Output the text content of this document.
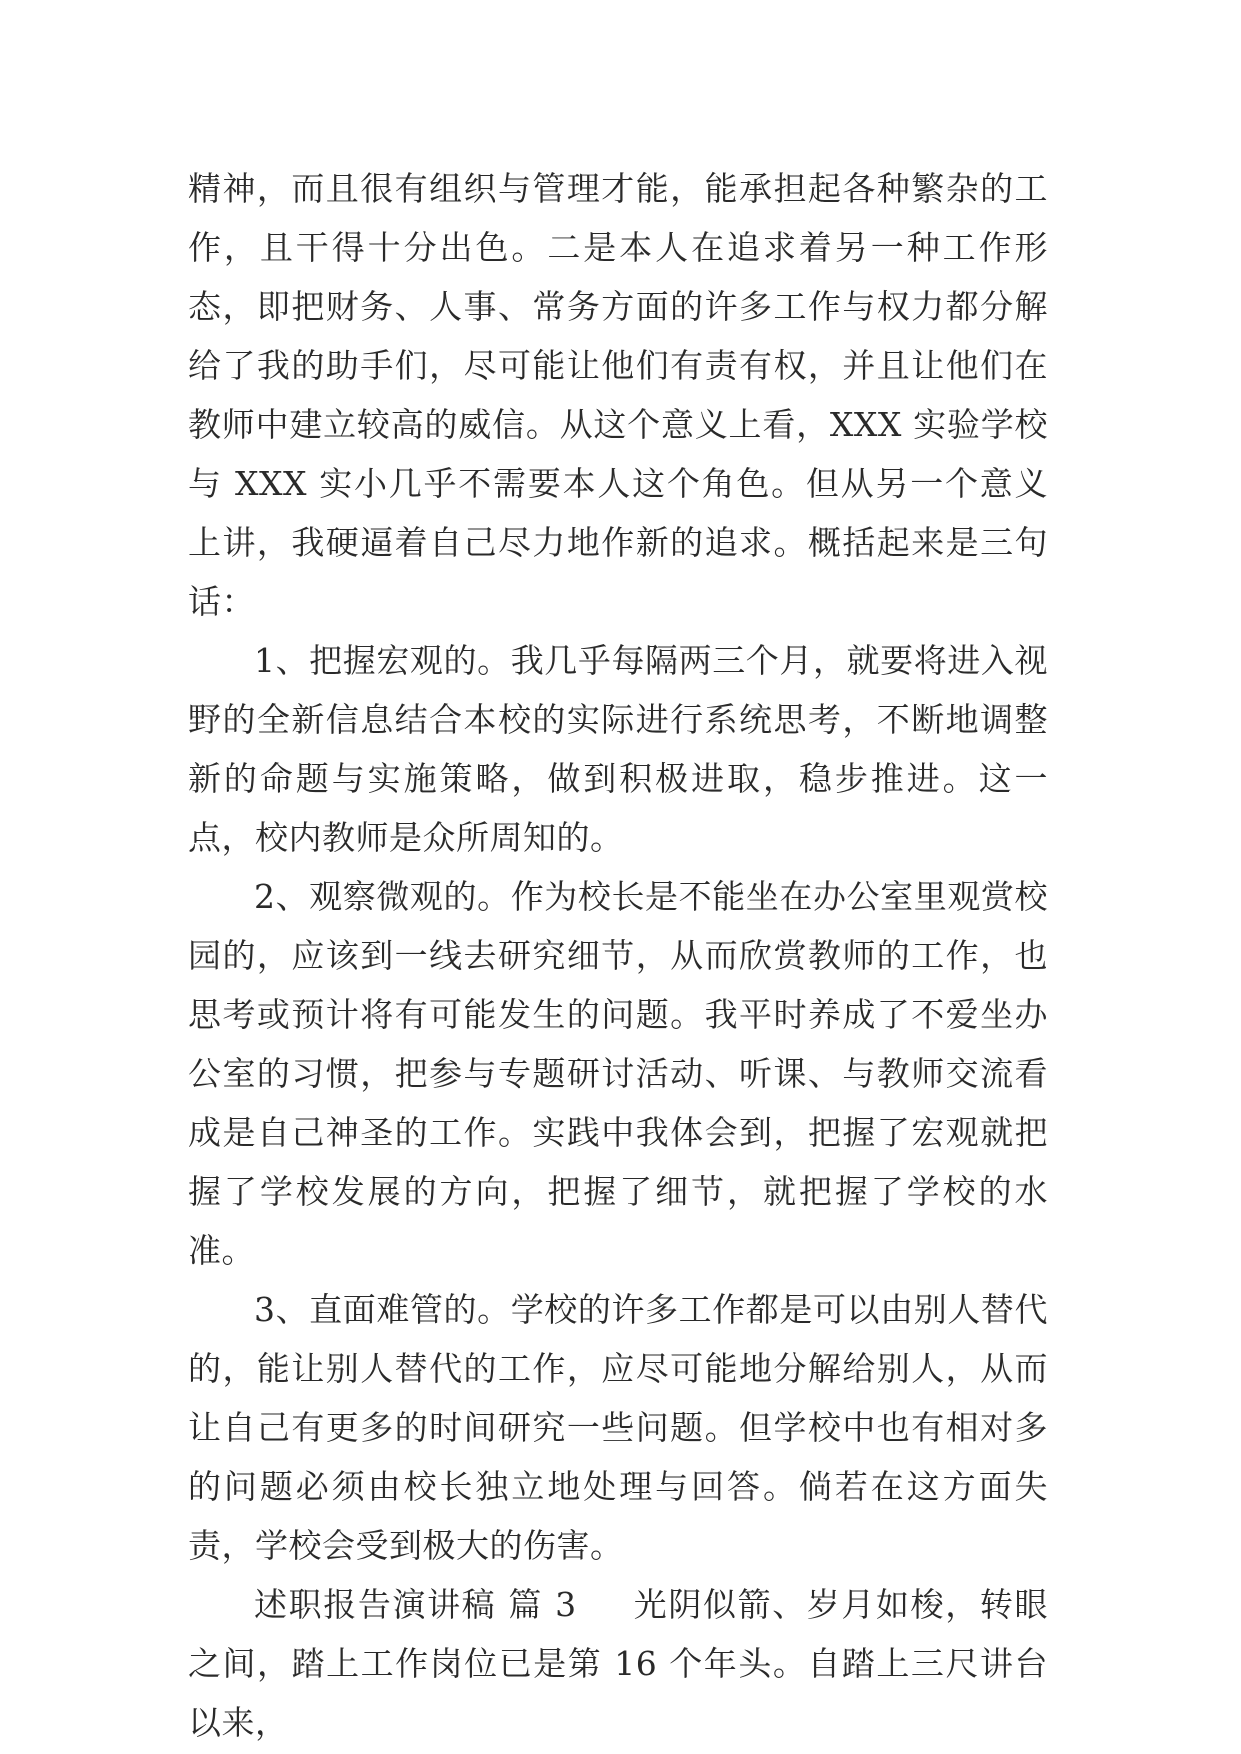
精神，而且很有组织与管理才能，能承担起各种繁杂的工作，且干得十分出色。二是本人在追求着另一种工作形态，即把财务、人事、常务方面的许多工作与权力都分解给了我的助手们，尽可能让他们有责有权，并且让他们在教师中建立较高的威信。从这个意义上看，XXX 实验学校与 XXX 实小几乎不需要本人这个角色。但从另一个意义上讲，我硬逼着自己尽力地作新的追求。概括起来是三句话：

1、把握宏观的。我几乎每隔两三个月，就要将进入视野的全新信息结合本校的实际进行系统思考，不断地调整新的命题与实施策略，做到积极进取，稳步推进。这一点，校内教师是众所周知的。

2、观察微观的。作为校长是不能坐在办公室里观赏校园的，应该到一线去研究细节，从而欣赏教师的工作，也思考或预计将有可能发生的问题。我平时养成了不爱坐办公室的习惯，把参与专题研讨活动、听课、与教师交流看成是自己神圣的工作。实践中我体会到，把握了宏观就把握了学校发展的方向，把握了细节，就把握了学校的水准。

3、直面难管的。学校的许多工作都是可以由别人替代的，能让别人替代的工作，应尽可能地分解给别人，从而让自己有更多的时间研究一些问题。但学校中也有相对多的问题必须由校长独立地处理与回答。倘若在这方面失责，学校会受到极大的伤害。

述职报告演讲稿 篇 3 光阴似箭、岁月如梭，转眼之间，踏上工作岗位已是第 16 个年头。自踏上三尺讲台以来，
